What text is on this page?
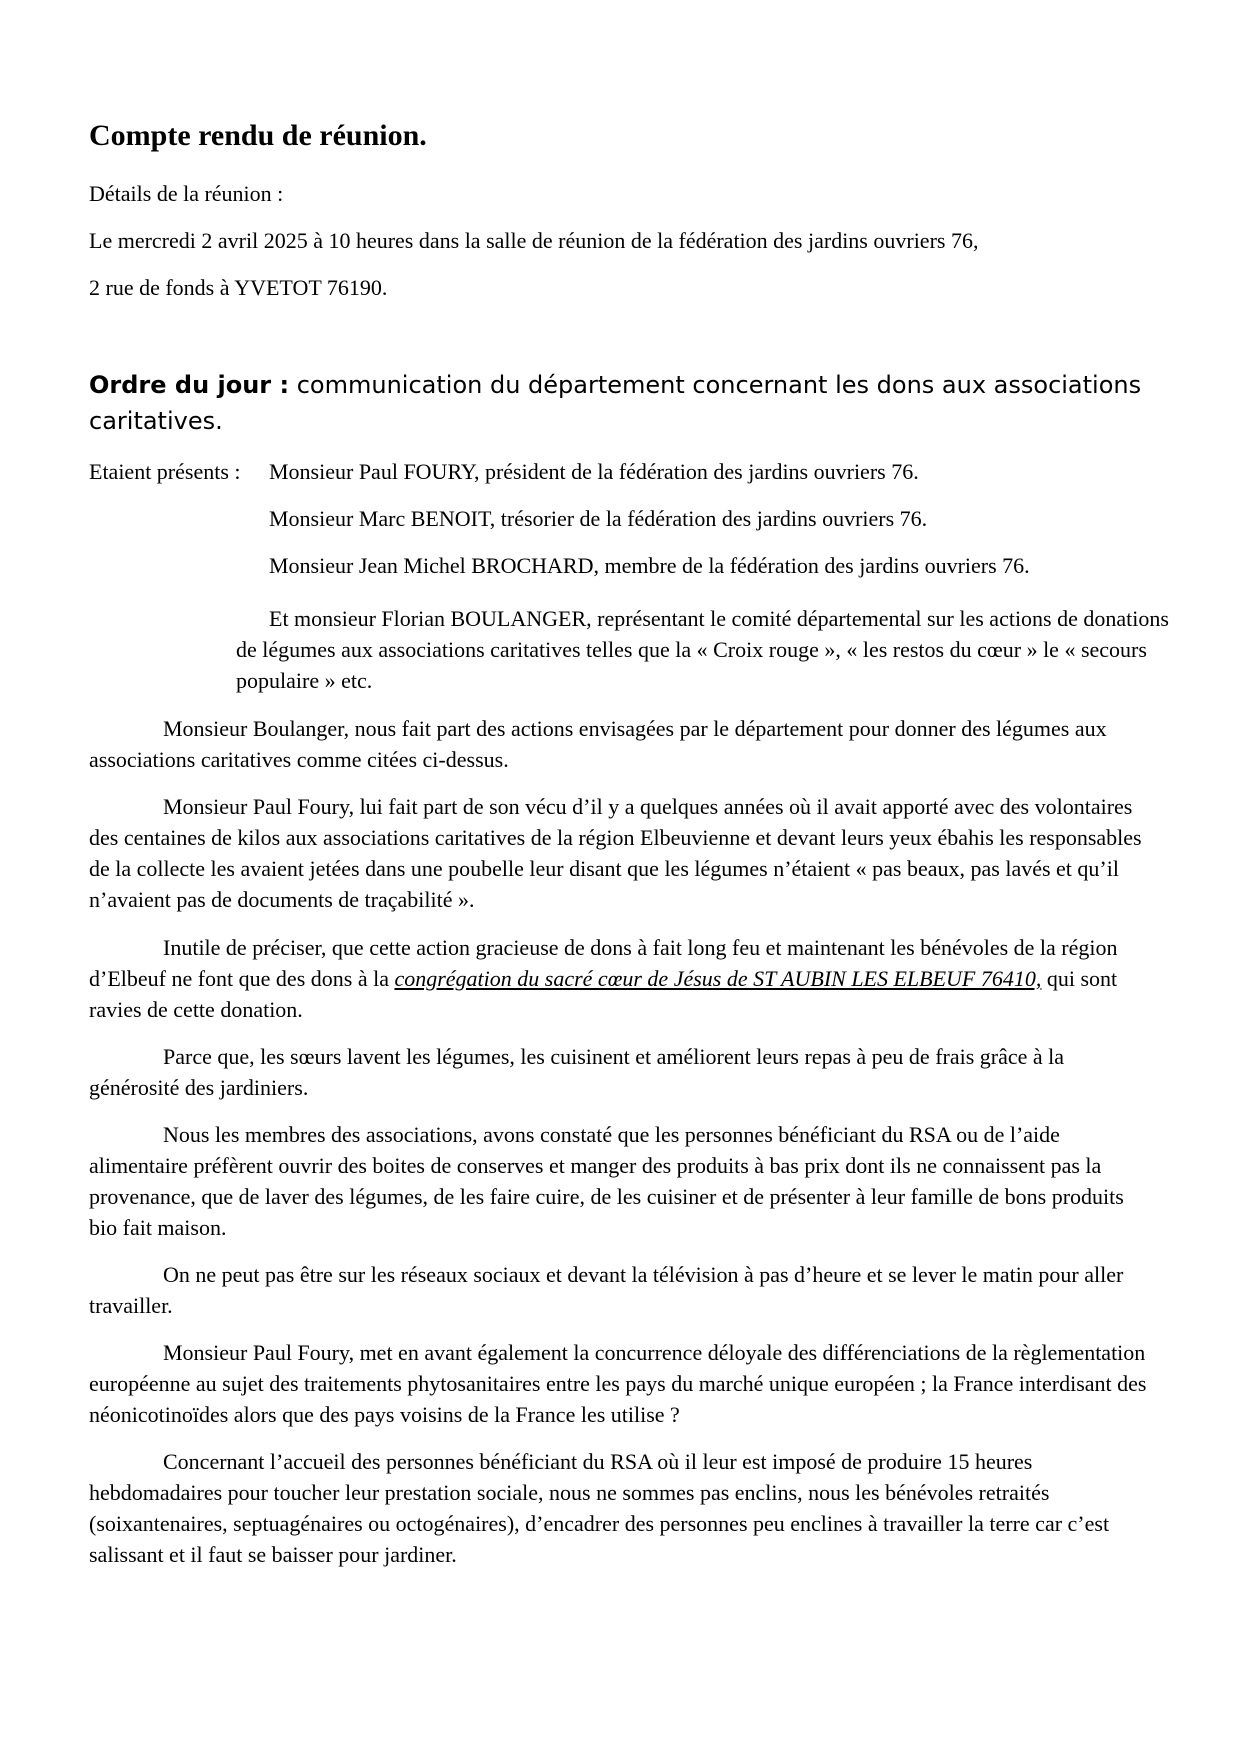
Compte rendu de réunion.
Détails de la réunion :
Le mercredi 2 avril 2025 à 10 heures dans la salle de réunion de la fédération des jardins ouvriers 76,
2 rue de fonds à YVETOT 76190.
Ordre du jour : communication du département concernant les dons aux associations caritatives.
Etaient présents : Monsieur Paul FOURY, président de la fédération des jardins ouvriers 76.
Monsieur Marc BENOIT, trésorier de la fédération des jardins ouvriers 76.
Monsieur Jean Michel BROCHARD, membre de la fédération des jardins ouvriers 76.
Et monsieur Florian BOULANGER, représentant le comité départemental sur les actions de donations de légumes aux associations caritatives telles que la « Croix rouge », « les restos du cœur » le « secours populaire » etc.
Monsieur Boulanger, nous fait part des actions envisagées par le département pour donner des légumes aux associations caritatives comme citées ci-dessus.
Monsieur Paul Foury, lui fait part de son vécu d’il y a quelques années où il avait apporté avec des volontaires des centaines de kilos aux associations caritatives de la région Elbeuvienne et devant leurs yeux ébahis les responsables de la collecte les avaient jetées dans une poubelle leur disant que les légumes n’étaient « pas beaux, pas lavés et qu’il n’avaient pas de documents de traçabilité ».
Inutile de préciser, que cette action gracieuse de dons à fait long feu et maintenant les bénévoles de la région d’Elbeuf ne font que des dons à la congrégation du sacré cœur de Jésus de ST AUBIN LES ELBEUF 76410, qui sont ravies de cette donation.
Parce que, les sœurs lavent les légumes, les cuisinent et améliorent leurs repas à peu de frais grâce à la générosité des jardiniers.
Nous les membres des associations, avons constaté que les personnes bénéficiant du RSA ou de l’aide alimentaire préfèrent ouvrir des boites de conserves et manger des produits à bas prix dont ils ne connaissent pas la provenance, que de laver des légumes, de les faire cuire, de les cuisiner et de présenter à leur famille de bons produits bio fait maison.
On ne peut pas être sur les réseaux sociaux et devant la télévision à pas d’heure et se lever le matin pour aller travailler.
Monsieur Paul Foury, met en avant également la concurrence déloyale des différenciations de la règlementation européenne au sujet des traitements phytosanitaires entre les pays du marché unique européen ; la France interdisant des néonicotinoïdes alors que des pays voisins de la France les utilise ?
Concernant l’accueil des personnes bénéficiant du RSA où il leur est imposé de produire 15 heures hebdomadaires pour toucher leur prestation sociale, nous ne sommes pas enclins, nous les bénévoles retraités (soixantenaires, septuagénaires ou octogénaires), d’encadrer des personnes peu enclines à travailler la terre car c’est salissant et il faut se baisser pour jardiner.
